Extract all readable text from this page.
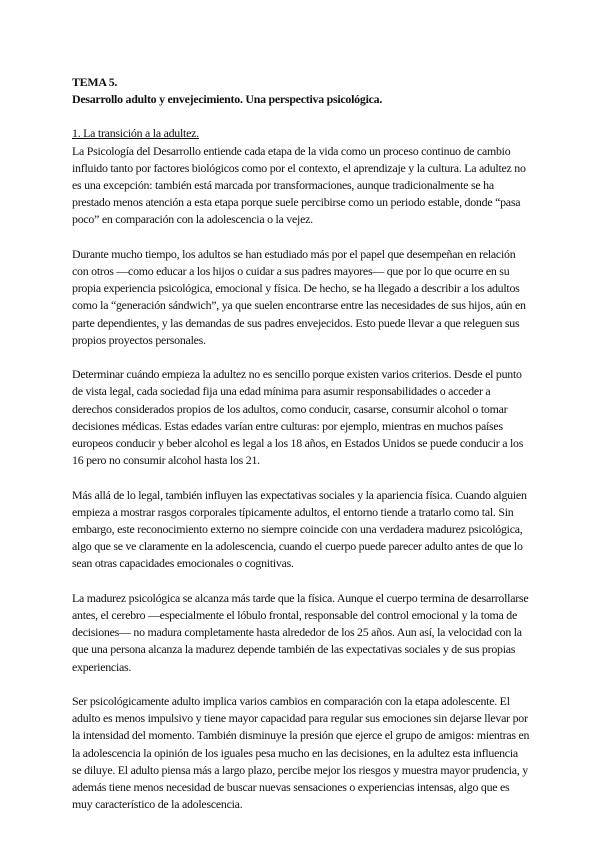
TEMA 5.
Desarrollo adulto y envejecimiento. Una perspectiva psicológica.
1. La transición a la adultez.

La Psicología del Desarrollo entiende cada etapa de la vida como un proceso continuo de cambio influido tanto por factores biológicos como por el contexto, el aprendizaje y la cultura. La adultez no es una excepción: también está marcada por transformaciones, aunque tradicionalmente se ha prestado menos atención a esta etapa porque suele percibirse como un periodo estable, donde “pasa poco” en comparación con la adolescencia o la vejez.

Durante mucho tiempo, los adultos se han estudiado más por el papel que desempeñan en relación con otros —como educar a los hijos o cuidar a sus padres mayores— que por lo que ocurre en su propia experiencia psicológica, emocional y física. De hecho, se ha llegado a describir a los adultos como la “generación sándwich”, ya que suelen encontrarse entre las necesidades de sus hijos, aún en parte dependientes, y las demandas de sus padres envejecidos. Esto puede llevar a que releguen sus propios proyectos personales.

Determinar cuándo empieza la adultez no es sencillo porque existen varios criterios. Desde el punto de vista legal, cada sociedad fija una edad mínima para asumir responsabilidades o acceder a derechos considerados propios de los adultos, como conducir, casarse, consumir alcohol o tomar decisiones médicas. Estas edades varían entre culturas: por ejemplo, mientras en muchos países europeos conducir y beber alcohol es legal a los 18 años, en Estados Unidos se puede conducir a los 16 pero no consumir alcohol hasta los 21.

Más allá de lo legal, también influyen las expectativas sociales y la apariencia física. Cuando alguien empieza a mostrar rasgos corporales típicamente adultos, el entorno tiende a tratarlo como tal. Sin embargo, este reconocimiento externo no siempre coincide con una verdadera madurez psicológica, algo que se ve claramente en la adolescencia, cuando el cuerpo puede parecer adulto antes de que lo sean otras capacidades emocionales o cognitivas.

La madurez psicológica se alcanza más tarde que la física. Aunque el cuerpo termina de desarrollarse antes, el cerebro —especialmente el lóbulo frontal, responsable del control emocional y la toma de decisiones— no madura completamente hasta alrededor de los 25 años. Aun así, la velocidad con la que una persona alcanza la madurez depende también de las expectativas sociales y de sus propias experiencias.

Ser psicológicamente adulto implica varios cambios en comparación con la etapa adolescente. El adulto es menos impulsivo y tiene mayor capacidad para regular sus emociones sin dejarse llevar por la intensidad del momento. También disminuye la presión que ejerce el grupo de amigos: mientras en la adolescencia la opinión de los iguales pesa mucho en las decisiones, en la adultez esta influencia se diluye. El adulto piensa más a largo plazo, percibe mejor los riesgos y muestra mayor prudencia, y además tiene menos necesidad de buscar nuevas sensaciones o experiencias intensas, algo que es muy característico de la adolescencia.
